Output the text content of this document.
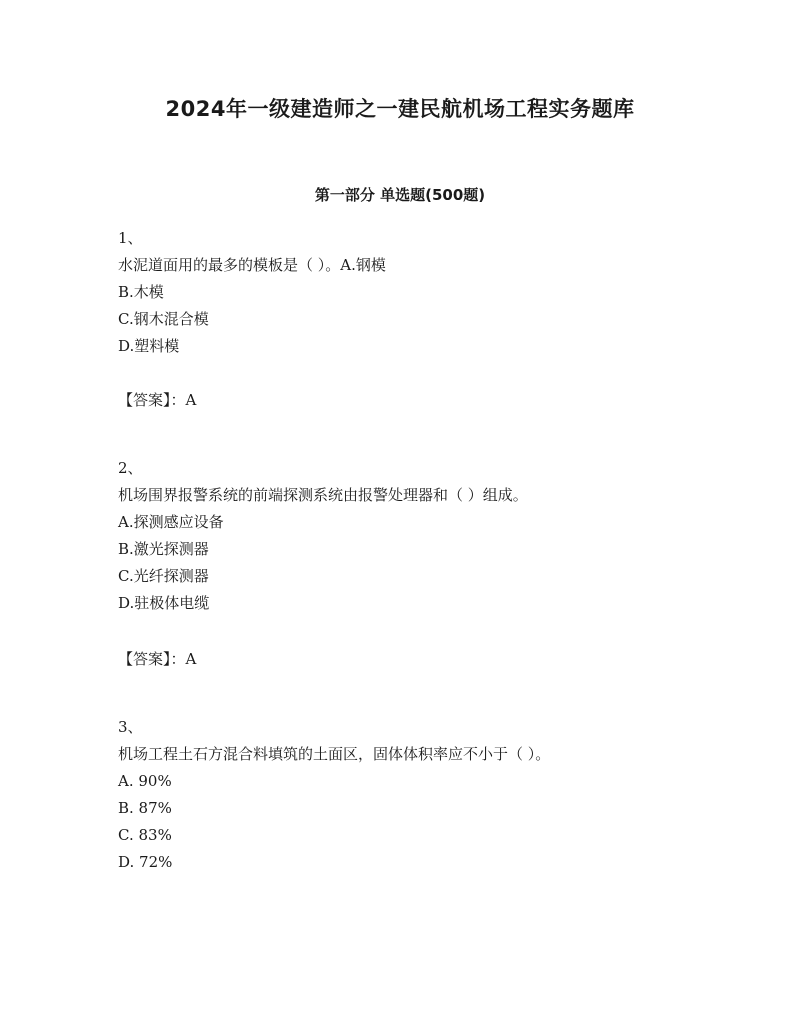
2024年一级建造师之一建民航机场工程实务题库
第一部分 单选题(500题)
1、
水泥道面用的最多的模板是（ ）。A.钢模
B.木模
C.钢木混合模
D.塑料模
【答案】：A
2、
机场围界报警系统的前端探测系统由报警处理器和（ ）组成。
A.探测感应设备
B.激光探测器
C.光纤探测器
D.驻极体电缆
【答案】：A
3、
机场工程土石方混合料填筑的土面区，固体体积率应不小于（ ）。
A. 90%
B. 87%
C. 83%
D. 72%
